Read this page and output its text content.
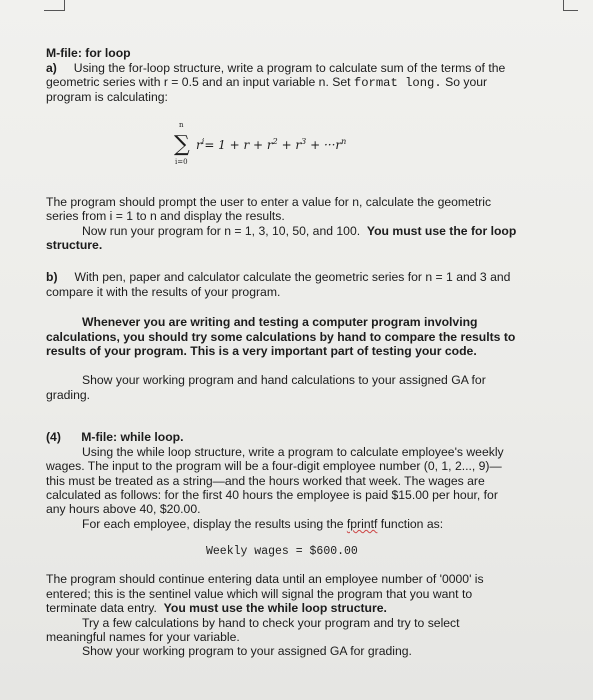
M-file: for loop
a) Using the for-loop structure, write a program to calculate sum of the terms of the
geometric series with r = 0.5 and an input variable n. Set format long. So your
program is calculating:
n
∑
i=0
$r^i= 1 + r + r^2 + r^3 + \cdot\cdot\cdot r^n$
The program should prompt the user to enter a value for n, calculate the geometric
series from i = 1 to n and display the results.
Now run your program for n = 1, 3, 10, 50, and 100. You must use the for loop
structure.
b) With pen, paper and calculator calculate the geometric series for n = 1 and 3 and
compare it with the results of your program.
Whenever you are writing and testing a computer program involving
calculations, you should try some calculations by hand to compare the results to
results of your program. This is a very important part of testing your code.
Show your working program and hand calculations to your assigned GA for
grading.
(4) M-file: while loop.
Using the while loop structure, write a program to calculate employee's weekly
wages. The input to the program will be a four-digit employee number (0, 1, 2..., 9)—
this must be treated as a string—and the hours worked that week. The wages are
calculated as follows: for the first 40 hours the employee is paid $15.00 per hour, for
any hours above 40, $20.00.
For each employee, display the results using the fprintf function as:
Weekly wages = $600.00
The program should continue entering data until an employee number of '0000' is
entered; this is the sentinel value which will signal the program that you want to
terminate data entry. You must use the while loop structure.
Try a few calculations by hand to check your program and try to select
meaningful names for your variable.
Show your working program to your assigned GA for grading.
